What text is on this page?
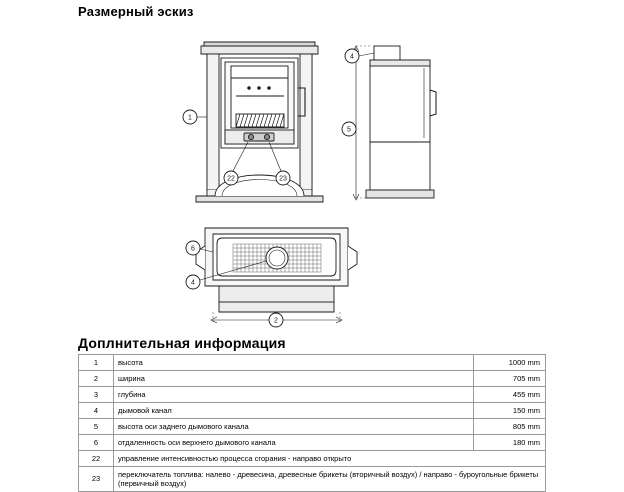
Размерный эскиз
Доплнительная информация
1
22	23
4
5
6
4
2
1	высота	1000 mm
2	ширина	705 mm
3	глубина	455 mm
4	дымовой канал	150 mm
5	высота оси заднего дымового канала	805 mm
6	отдаленность оси верхнего дымового канала	180 mm
22	управление интенсивностью процесса сгорания - направо открыто	
23	переключатель топлива: налево - древесина, древесные брикеты (вторичный воздух) / направо - буроугольные брикеты (первичный воздух)	
